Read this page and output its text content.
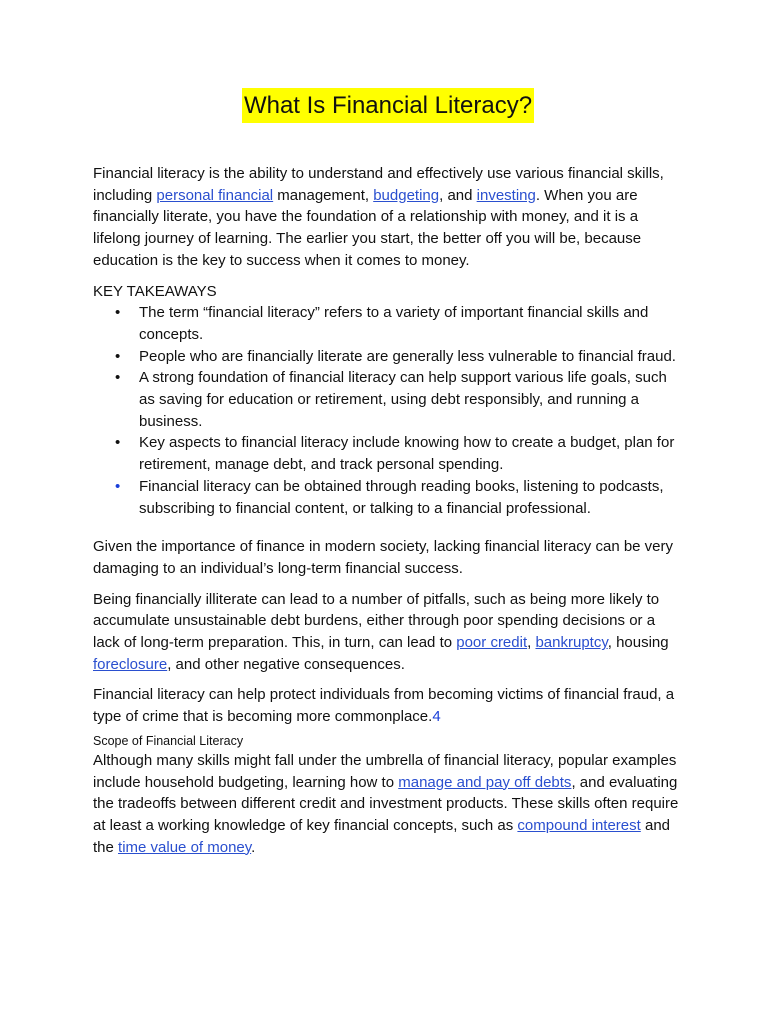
What Is Financial Literacy?

Financial literacy is the ability to understand and effectively use various financial skills, including personal financial management, budgeting, and investing. When you are financially literate, you have the foundation of a relationship with money, and it is a lifelong journey of learning. The earlier you start, the better off you will be, because education is the key to success when it comes to money.

KEY TAKEAWAYS

• The term “financial literacy” refers to a variety of important financial skills and concepts.
• People who are financially literate are generally less vulnerable to financial fraud.
• A strong foundation of financial literacy can help support various life goals, such as saving for education or retirement, using debt responsibly, and running a business.
• Key aspects to financial literacy include knowing how to create a budget, plan for retirement, manage debt, and track personal spending.
• Financial literacy can be obtained through reading books, listening to podcasts, subscribing to financial content, or talking to a financial professional.

Given the importance of finance in modern society, lacking financial literacy can be very damaging to an individual’s long-term financial success.

Being financially illiterate can lead to a number of pitfalls, such as being more likely to accumulate unsustainable debt burdens, either through poor spending decisions or a lack of long-term preparation. This, in turn, can lead to poor credit, bankruptcy, housing foreclosure, and other negative consequences.

Financial literacy can help protect individuals from becoming victims of financial fraud, a type of crime that is becoming more commonplace.4

Scope of Financial Literacy

Although many skills might fall under the umbrella of financial literacy, popular examples include household budgeting, learning how to manage and pay off debts, and evaluating the tradeoffs between different credit and investment products. These skills often require at least a working knowledge of key financial concepts, such as compound interest and the time value of money.
